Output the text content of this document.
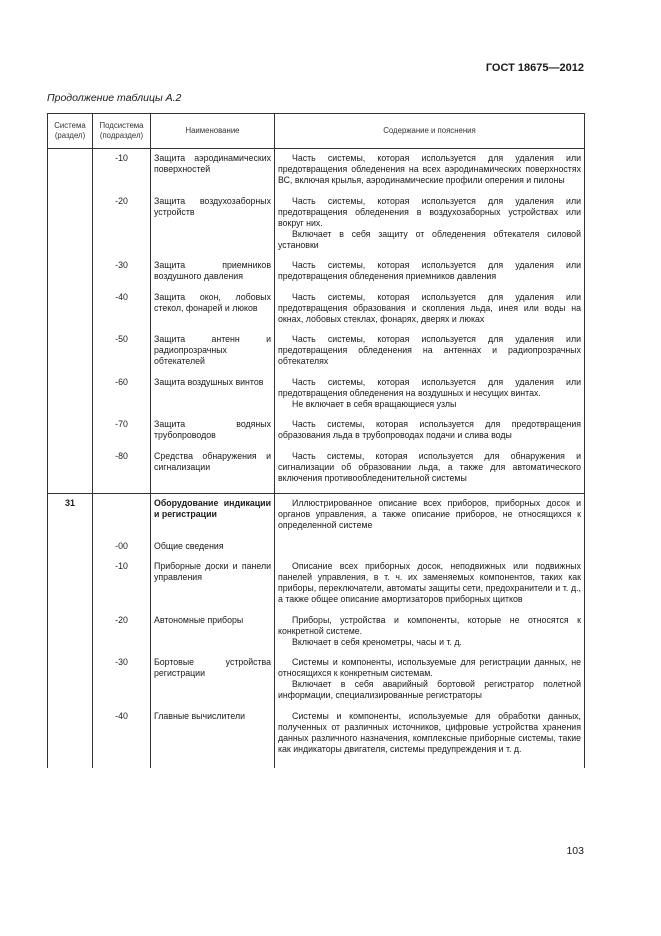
ГОСТ 18675—2012
Продолжение таблицы А.2
Система (раздел)	Подсистема (подраздел)	Наименование	Содержание и пояснения

	-10	Защита аэродинамических поверхностей	Часть системы, которая используется для удаления или предотвращения обледенения на всех аэродинамических поверхностях ВС, включая крылья, аэродинамические профили оперения и пилоны

	-20	Защита воздухозаборных устройств	Часть системы, которая используется для удаления или предотвращения обледенения в воздухозаборных устройствах или вокруг них.

Включает в себя защиту от обледенения обтекателя силовой установки

	-30	Защита приемников воздушного давления	Часть системы, которая используется для удаления или предотвращения обледенения приемников давления

	-40	Защита окон, лобовых стекол, фонарей и люков	Часть системы, которая используется для удаления или предотвращения образования и скопления льда, инея или воды на окнах, лобовых стеклах, фонарях, дверях и люках

	-50	Защита антенн и радиопрозрачных обтекателей	Часть системы, которая используется для удаления или предотвращения обледенения на антеннах и радиопрозрачных обтекателях

	-60	Защита воздушных винтов	Часть системы, которая используется для удаления или предотвращения обледенения на воздушных и несущих винтах.

Не включает в себя вращающиеся узлы

	-70	Защита водяных трубопроводов	Часть системы, которая используется для предотвращения образования льда в трубопроводах подачи и слива воды

	-80	Средства обнаружения и сигнализации	Часть системы, которая используется для обнаружения и сигнализации об образовании льда, а также для автоматического включения противообледенительной системы

31		Оборудование индикации и регистрации	Иллюстрированное описание всех приборов, приборных досок и органов управления, а также описание приборов, не относящихся к определенной системе

	-00	Общие сведения	
	-10	Приборные доски и панели управления	Описание всех приборных досок, неподвижных или подвижных панелей управления, в т. ч. их заменяемых компонентов, таких как приборы, переключатели, автоматы защиты сети, предохранители и т. д., а также общее описание амортизаторов приборных щитков

	-20	Автономные приборы	Приборы, устройства и компоненты, которые не относятся к конкретной системе.

Включает в себя кренометры, часы и т. д.

	-30	Бортовые устройства регистрации	Системы и компоненты, используемые для регистрации данных, не относящихся к конкретным системам.

Включает в себя аварийный бортовой регистратор полетной информации, специализированные регистраторы

	-40	Главные вычислители	Системы и компоненты, используемые для обработки данных, полученных от различных источников, цифровые устройства хранения данных различного назначения, комплексные приборные системы, такие как индикаторы двигателя, системы предупреждения и т. д.

103
